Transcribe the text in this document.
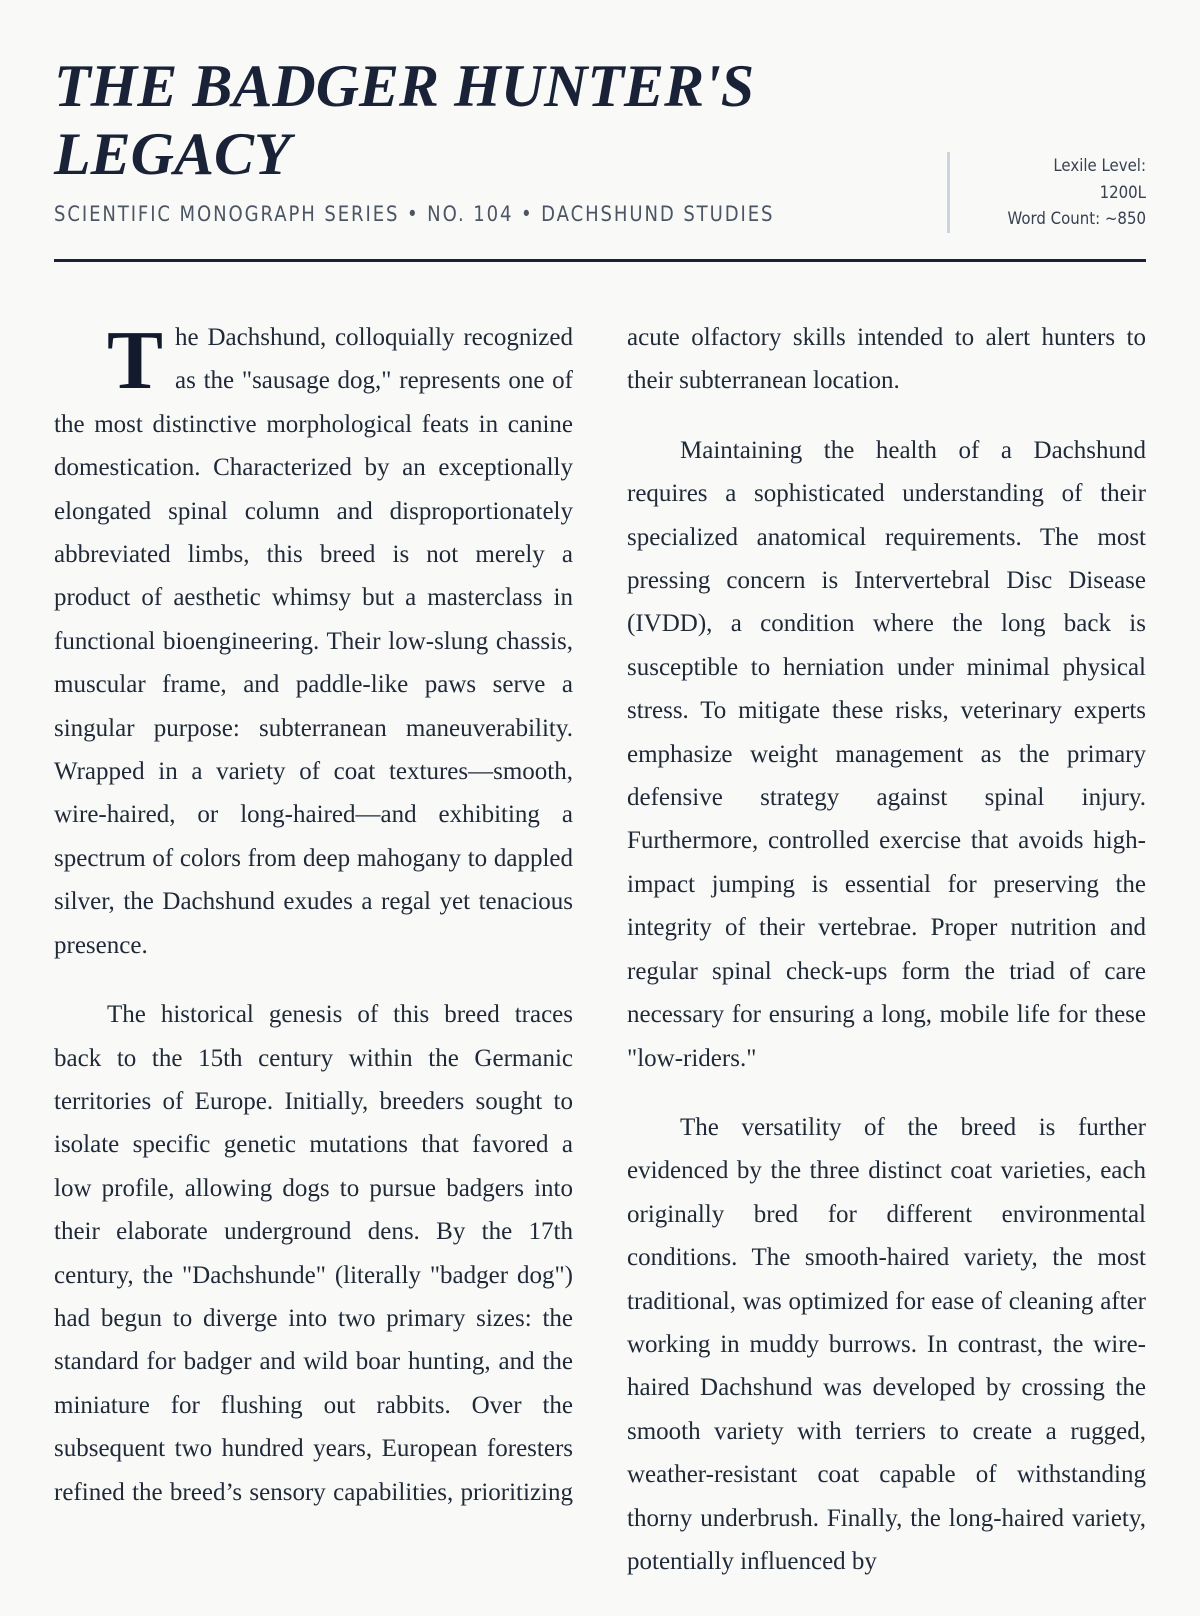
THE BADGER HUNTER'S LEGACY
SCIENTIFIC MONOGRAPH SERIES • NO. 104 • DACHSHUND STUDIES
Lexile Level:
1200L
Word Count: ~850

The Dachshund, colloquially recognized as the "sausage dog," represents one of the most distinctive morphological feats in canine domestication. Characterized by an exceptionally elongated spinal column and disproportionately abbreviated limbs, this breed is not merely a product of aesthetic whimsy but a masterclass in functional bioengineering. Their low-slung chassis, muscular frame, and paddle-like paws serve a singular purpose: subterranean maneuverability. Wrapped in a variety of coat textures—smooth, wire-haired, or long-haired—and exhibiting a spectrum of colors from deep mahogany to dappled silver, the Dachshund exudes a regal yet tenacious presence.

The historical genesis of this breed traces back to the 15th century within the Germanic territories of Europe. Initially, breeders sought to isolate specific genetic mutations that favored a low profile, allowing dogs to pursue badgers into their elaborate underground dens. By the 17th century, the "Dachshunde" (literally "badger dog") had begun to diverge into two primary sizes: the standard for badger and wild boar hunting, and the miniature for flushing out rabbits. Over the subsequent two hundred years, European foresters refined the breed’s sensory capabilities, prioritizing acute olfactory skills intended to alert hunters to their subterranean location.

Maintaining the health of a Dachshund requires a sophisticated understanding of their specialized anatomical requirements. The most pressing concern is Intervertebral Disc Disease (IVDD), a condition where the long back is susceptible to herniation under minimal physical stress. To mitigate these risks, veterinary experts emphasize weight management as the primary defensive strategy against spinal injury. Furthermore, controlled exercise that avoids high-impact jumping is essential for preserving the integrity of their vertebrae. Proper nutrition and regular spinal check-ups form the triad of care necessary for ensuring a long, mobile life for these "low-riders."

The versatility of the breed is further evidenced by the three distinct coat varieties, each originally bred for different environmental conditions. The smooth-haired variety, the most traditional, was optimized for ease of cleaning after working in muddy burrows. In contrast, the wire-haired Dachshund was developed by crossing the smooth variety with terriers to create a rugged, weather-resistant coat capable of withstanding thorny underbrush. Finally, the long-haired variety, potentially influenced by
